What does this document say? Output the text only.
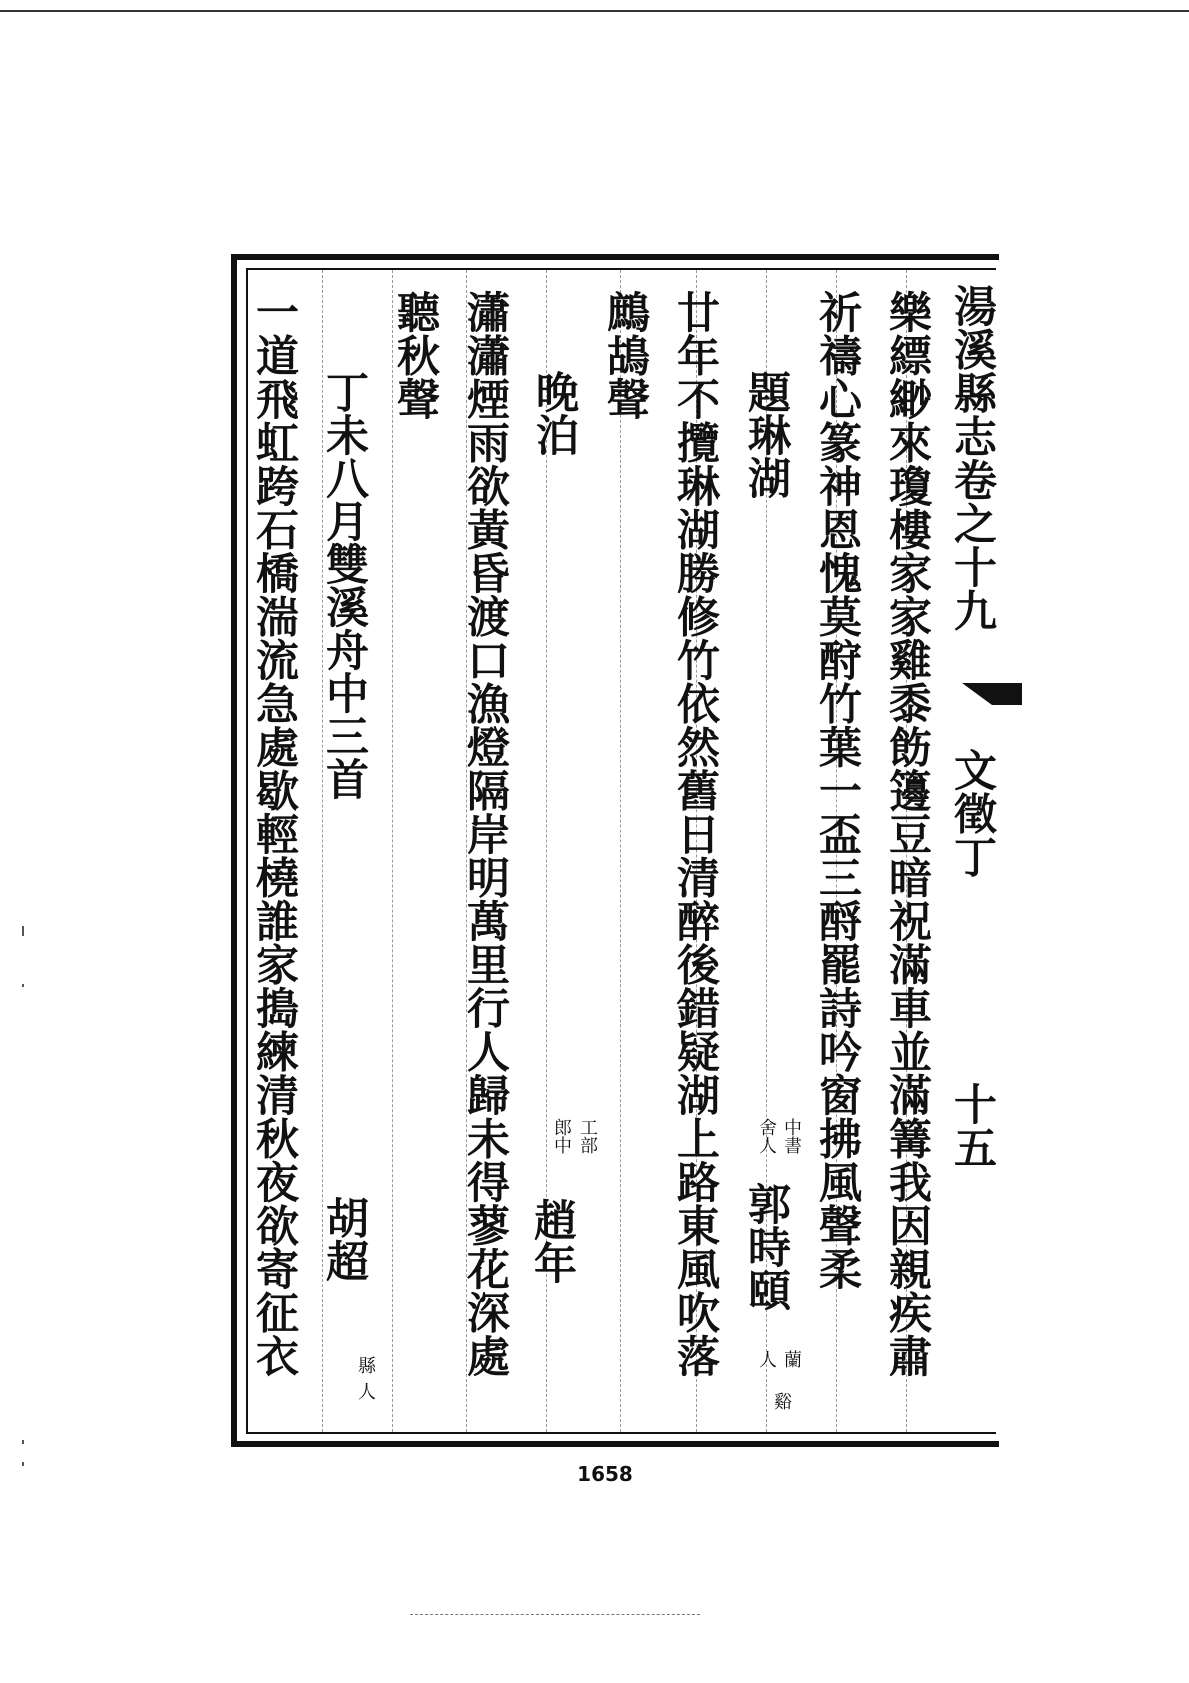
湯溪縣志卷之十九
文徵丁
十五
樂縹緲來瓊樓家家雞黍飭籩豆暗祝滿車並滿篝我因親疾肅
祈禱心篆神恩愧莫酧竹葉一盃三酹罷詩吟窗拂風聲柔
題琳湖
中書
舍人
郭時頤
蘭
谿
人
廿年不攬琳湖勝修竹依然舊日清醉後錯疑湖上路東風吹落
鷓鴣聲
晚泊
工部
郎中
趙年
瀟瀟煙雨欲黃昏渡口漁燈隔岸明萬里行人歸未得蓼花深處
聽秋聲
丁未八月雙溪舟中三首
胡超
縣
人
一道飛虹跨石橋湍流急處歇輕橈誰家搗練清秋夜欲寄征衣
1658
